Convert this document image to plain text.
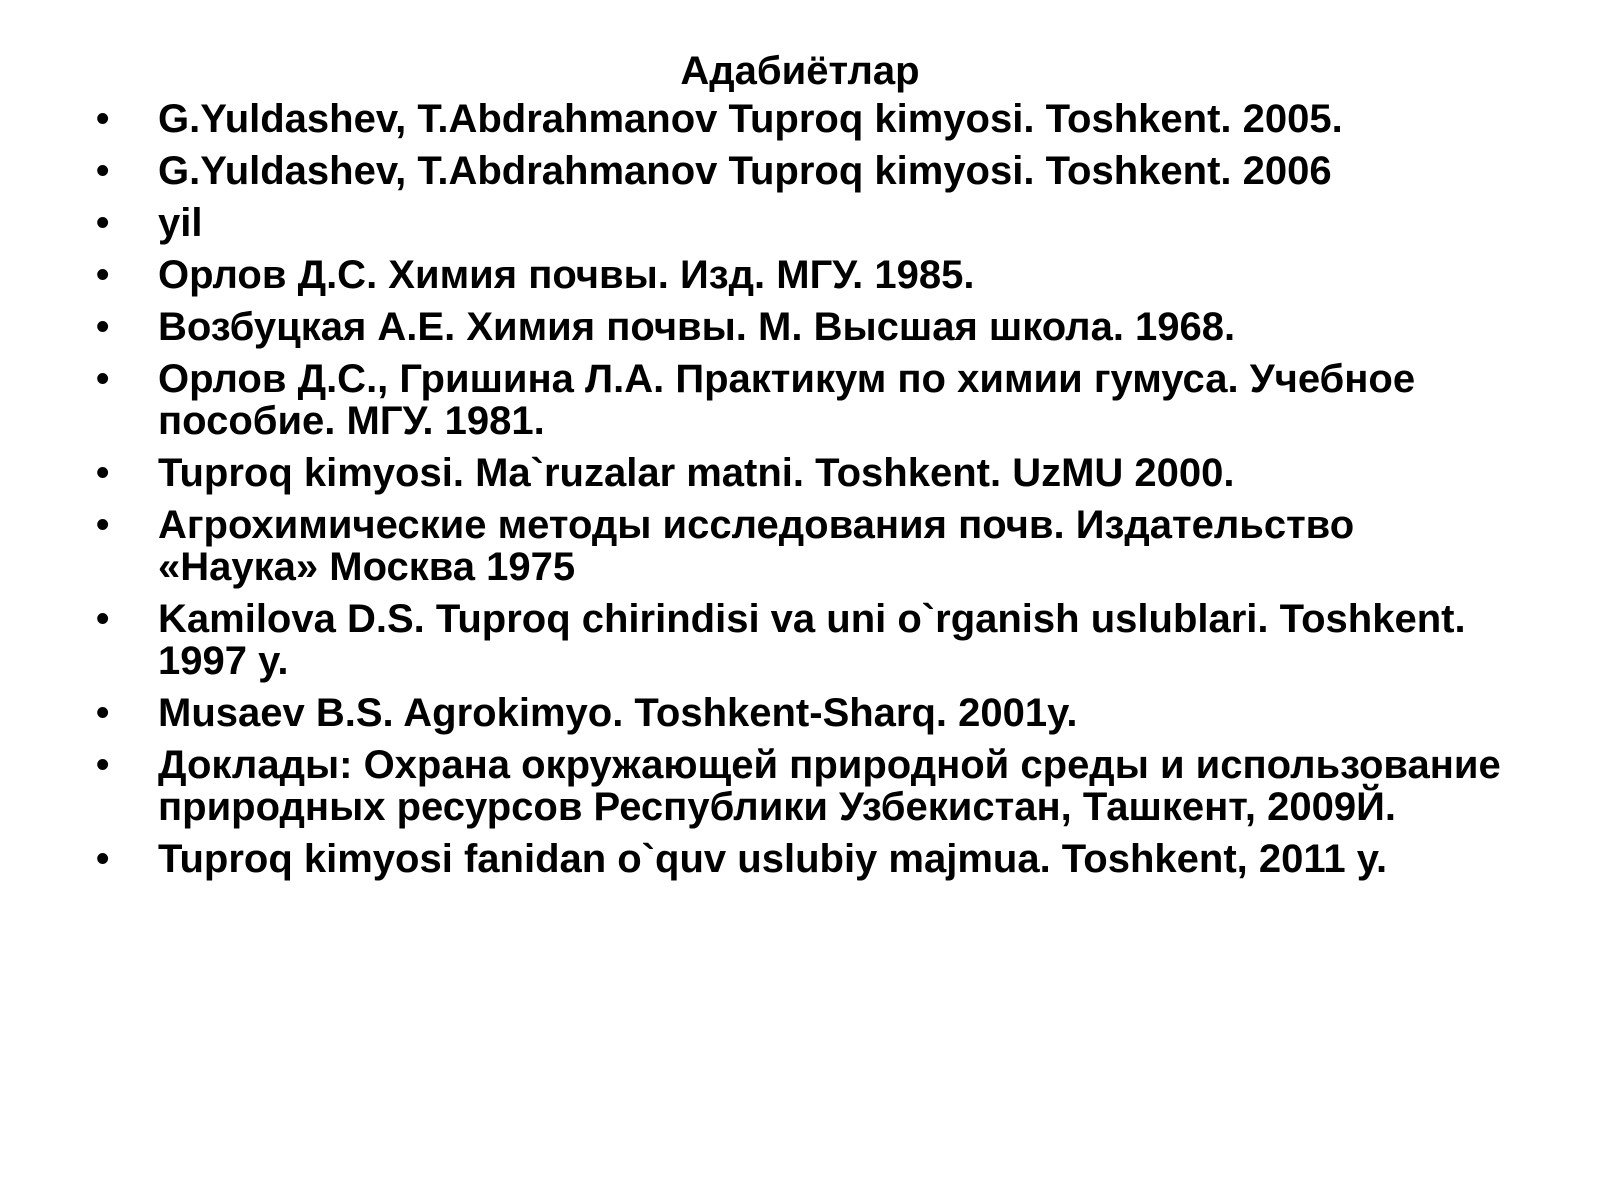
Адабиётлар
• G.Yuldashev, T.Abdrahmanov Tuproq kimyosi. Toshkent. 2005.
• G.Yuldashev, T.Abdrahmanov Tuproq kimyosi. Toshkent. 2006
• yil
• Орлов Д.С. Химия почвы. Изд. МГУ. 1985.
• Возбуцкая А.Е. Химия почвы. М. Высшая школа. 1968.
• Орлов Д.С., Гришина Л.А. Практикум по химии гумуса. Учебное пособие. МГУ. 1981.
• Tuproq kimyosi. Ma`ruzalar matni. Toshkent. UzMU 2000.
• Агрохимические методы исследования почв. Издательство «Наука» Москва 1975
• Kamilova D.S. Tuproq chirindisi va uni o`rganish uslublari. Toshkent. 1997 y.
• Musaev B.S. Agrokimyo. Toshkent-Sharq. 2001y.
• Доклады: Охрана окружающей природной среды и использование природных ресурсов Республики Узбекистан, Ташкент, 2009Й.
• Tuproq kimyosi fanidan o`quv uslubiy majmua. Toshkent, 2011 y.
